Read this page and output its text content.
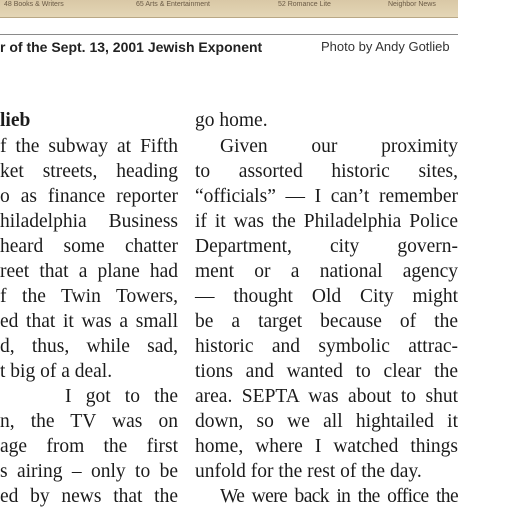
48 Books & Writers	65 Arts & Entertainment	52 Romance Lite	Neighbor News
r of the Sept. 13, 2001 Jewish Exponent	Photo by Andy Gotlieb
lieb
f the subway at Fifth
ket streets, heading
o as finance reporter
hiladelphia Business
heard some chatter
reet that a plane had
f the Twin Towers,
ed that it was a small
d, thus, while sad,
t big of a deal.
I got to the
n, the TV was on
age from the first
s airing – only to be
ed by news that the
go home.
Given our proximity
to assorted historic sites,
“officials” — I can’t remember
if it was the Philadelphia Police
Department, city govern-
ment or a national agency
— thought Old City might
be a target because of the
historic and symbolic attrac-
tions and wanted to clear the
area. SEPTA was about to shut
down, so we all hightailed it
home, where I watched things
unfold for the rest of the day.
We were back in the office the
